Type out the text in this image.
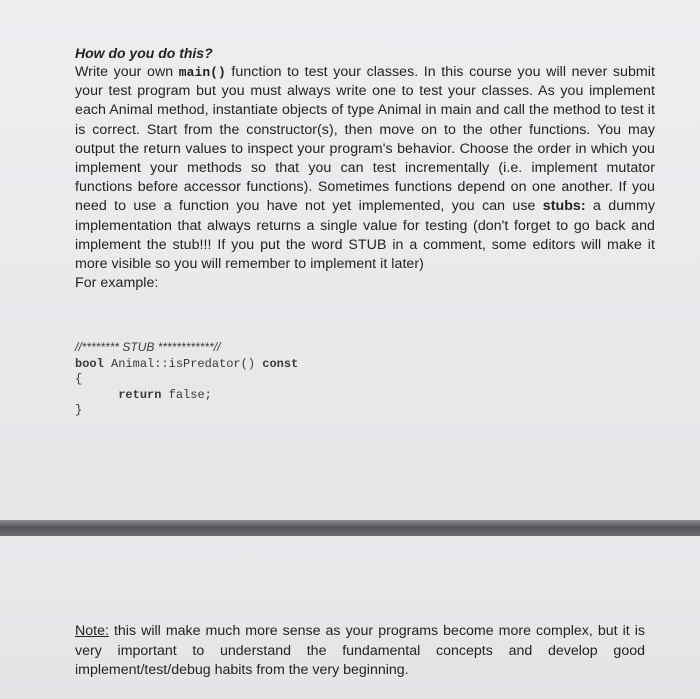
How do you do this?

Write your own main() function to test your classes. In this course you will never submit your test program but you must always write one to test your classes. As you implement each Animal method, instantiate objects of type Animal in main and call the method to test it is correct. Start from the constructor(s), then move on to the other functions. You may output the return values to inspect your program's behavior. Choose the order in which you implement your methods so that you can test incrementally (i.e. implement mutator functions before accessor functions). Sometimes functions depend on one another. If you need to use a function you have not yet implemented, you can use stubs: a dummy implementation that always returns a single value for testing (don't forget to go back and implement the stub!!! If you put the word STUB in a comment, some editors will make it more visible so you will remember to implement it later)

For example:

//******** STUB ************//
bool Animal::isPredator() const
{
return false;
}
Note: this will make much more sense as your programs become more complex, but it is very important to understand the fundamental concepts and develop good implement/test/debug habits from the very beginning.
